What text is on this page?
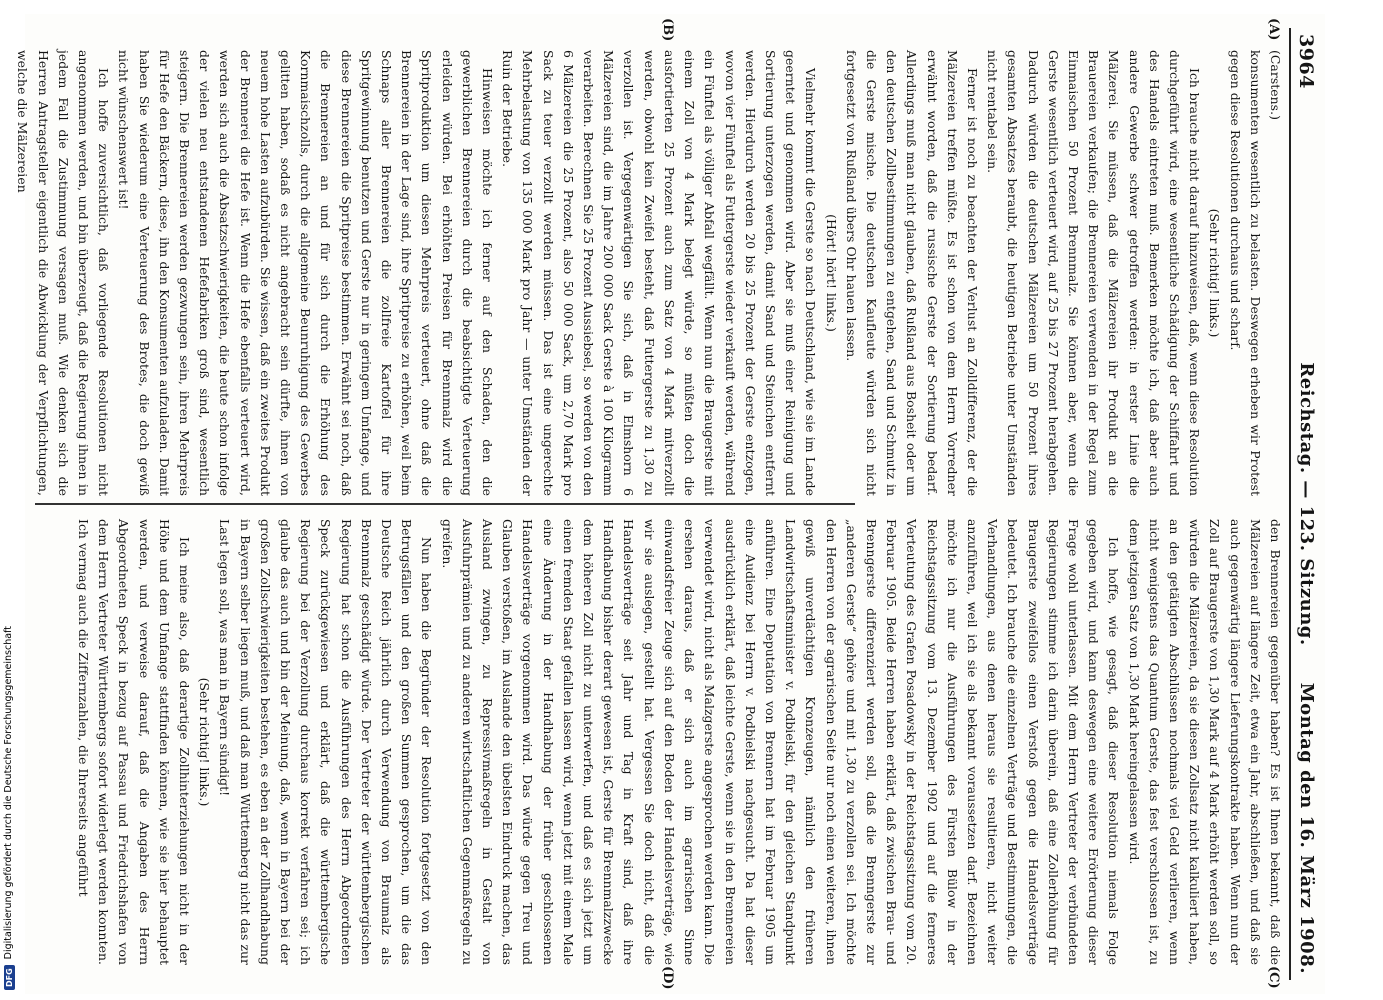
3964
Reichstag. — 123. Sitzung.
Montag den 16. März 1908.
(A)
(B)
(C)
(D)

(Carstens.)

konsumenten wesentlich zu belasten. Deswegen erheben wir Protest gegen diese Resolutionen durchaus und scharf.

(Sehr richtig! links.)

Ich brauche nicht darauf hinzuweisen, daß, wenn diese Resolution durchgeführt wird, eine wesentliche Schädigung der Schiffahrt und des Handels eintreten muß. Bemerken möchte ich, daß aber auch andere Gewerbe schwer getroffen werden: in erster Linie die Mälzerei. Sie müssen, daß die Mälzereien ihr Produkt an die Brauereien verkaufen; die Brennereien verwenden in der Regel zum Einmaischen 50 Prozent Brennmalz. Sie können aber, wenn die Gerste wesentlich verteuert wird, auf 25 bis 27 Prozent herabgehen. Dadurch würden die deutschen Mälzereien um 50 Prozent ihres gesamten Absatzes beraubt, die heutigen Betriebe unter Umständen nicht rentabel sein.

Ferner ist noch zu beachten der Verlust an Zolldifferenz, der die Mälzereien treffen müßte. Es ist schon von dem Herrn Vorredner erwähnt worden, daß die russische Gerste der Sortierung bedarf. Allerdings muß man nicht glauben, daß Rußland aus Bosheit oder um den deutschen Zollbestimmungen zu entgehen, Sand und Schmutz in die Gerste mische. Die deutschen Kaufleute würden sich nicht fortgesetzt von Rußland übers Ohr hauen lassen.

(Hört! hört! links.)

Vielmehr kommt die Gerste so nach Deutschland, wie sie im Lande geerntet und genommen wird. Aber sie muß einer Reinigung und Sortierung unterzogen werden, damit Sand und Steinchen entfernt werden. Hierdurch werden 20 bis 25 Prozent der Gerste entzogen, wovon vier Fünftel als Futtergerste wieder verkauft werden, während ein Fünftel als völliger Abfall wegfällt. Wenn nun die Braugerste mit einem Zoll von 4 Mark belegt würde, so müßten doch die ausfortierten 25 Prozent auch zum Satz von 4 Mark mitverzollt werden, obwohl kein Zweifel besteht, daß Futtergerste zu 1,30 zu verzollen ist. Vergegenwärtigen Sie sich, daß in Elmshorn 6 Mälzereien sind, die im Jahre 200 000 Sack Gerste à 100 Kilogramm verarbeiten. Berechnen Sie 25 Prozent Aussiebsel, so werden von den 6 Mälzereien die 25 Prozent, also 50 000 Sack, um 2,70 Mark pro Sack zu teuer verzollt werden müssen. Das ist eine ungerechte Mehrbelastung von 135 000 Mark pro Jahr — unter Umständen der Ruin der Betriebe.

Hinweisen möchte ich ferner auf den Schaden, den die gewerblichen Brennereien durch die beabsichtigte Verteuerung erleiden würden. Bei erhöhten Preisen für Brennmalz wird die Spritproduktion um diesen Mehrpreis verteuert, ohne daß die Brennereien in der Lage sind, ihre Spritpreise zu erhöhen, weil beim Schnaps aller Brennereien die zollfreie Kartoffel für ihre Spritgewinnung benutzen und Gerste nur in geringem Umfange, und diese Brennereien die Spritpreise bestimmen. Erwähnt sei noch, daß die Brennereien an und für sich durch die Erhöhung des Kornmaischzolls, durch die allgemeine Beunruhigung des Gewerbes gelitten haben, sodaß es nicht angebracht sein dürfte, ihnen von neuem hohe Lasten aufzubürden. Sie wissen, daß ein zweites Produkt der Brennerei die Hefe ist. Wenn die Hefe ebenfalls verteuert wird, werden sich auch die Absatzschwierigkeiten, die heute schon infolge der vielen neu entstandenen Hefefabriken groß sind, wesentlich steigern. Die Brennereien werden gezwungen sein, ihren Mehrpreis für Hefe den Bäckern, diese, ihn den Konsumenten aufzuladen. Damit haben Sie wiederum eine Verteuerung des Brotes, die doch gewiß nicht wünschenswert ist!

Ich hoffe zuversichtlich, daß vorliegende Resolutionen nicht angenommen werden, und bin überzeugt, daß die Regierung ihnen in jedem Fall die Zustimmung versagen muß. Wie denken sich die Herren Antragsteller eigentlich die Abwicklung der Verpflichtungen, welche die Mälzereien

den Brennereien gegenüber haben? Es ist Ihnen bekannt, daß die Mälzereien auf längere Zeit, etwa ein Jahr, abschließen, und daß sie auch gegenwärtig längere Lieferungskontrakte haben. Wenn nun der Zoll auf Braugerste von 1,30 Mark auf 4 Mark erhöht werden soll, so würden die Mälzereien, da sie diesen Zollsatz nicht kalkuliert haben, an den getätigten Abschlüssen nochmals viel Geld verlieren, wenn nicht wenigstens das Quantum Gerste, das fest verschlossen ist, zu dem jetzigen Satz von 1,30 Mark hereingelassen wird.

Ich hoffe, wie gesagt, daß dieser Resolution niemals Folge gegeben wird, und kann deswegen eine weitere Erörterung dieser Frage wohl unterlassen. Mit dem Herrn Vertreter der verbündeten Regierungen stimme ich darin überein, daß eine Zollerhöhung für Braugerste zweifellos einen Verstoß gegen die Handelsverträge bedeutet. Ich brauche die einzelnen Verträge und Bestimmungen, die Verhandlungen, aus denen heraus sie resultieren, nicht weiter anzuführen, weil ich sie als bekannt voraussetzen darf. Bezeichnen möchte ich nur die Ausführungen des Fürsten Bülow in der Reichstagssitzung vom 13. Dezember 1902 und auf die ferneres Verteutung des Grafen Posadowsky in der Reichstagssitzung vom 20. Februar 1905. Beide Herren haben erklärt, daß zwischen Brau- und Brenngerste differenziert werden soll, daß die Brenngerste zur „anderen Gerste“ gehöre und mit 1,30 zu verzollen sei. Ich möchte den Herren von der agrarischen Seite nur noch einen weiteren, ihnen gewiß unverdächtigen Kronzeugen, nämlich den früheren Landwirtschaftsminister v. Podbielski, für den gleichen Standpunkt anführen. Eine Deputation von Brennern hat im Februar 1905 um eine Audienz bei Herrn v. Podbielski nachgesucht. Da hat dieser ausdrücklich erklärt, daß leichte Gerste, wenn sie in den Brennereien verwendet wird, nicht als Malzgerste angesprochen werden kann. Die ersehen daraus, daß er sich auch im agrarischen Sinne einwandsfreier Zeuge sich auf den Boden der Handelsverträge, wie wir sie auslegen, gestellt hat. Vergessen Sie doch nicht, daß die Handelsverträge seit Jahr und Tag in Kraft sind, daß ihre Handhabung bisher derart gewesen ist, Gerste für Brennmalzzwecke dem höheren Zoll nicht zu unterwerfen, und daß es sich jetzt um einen fremden Staat gefallen lassen wird, wenn jetzt mit einem Male eine Änderung in der Handhabung der früher geschlossenen Handelsverträge vorgenommen wird. Das würde gegen Treu und Glauben verstoßen, im Auslande den übelsten Eindruck machen, das Ausland zwingen, zu Repressivmaßregeln in Gestalt von Ausfuhrprämien und zu anderen wirtschaftlichen Gegenmaßregeln zu greifen.

Nun haben die Begründer der Resolution fortgesetzt von den Betrugsfällen und den großen Summen gesprochen, um die das Deutsche Reich jährlich durch Verwendung von Braumalz als Brennmalz geschädigt würde. Der Vertreter der württembergischen Regierung hat schon die Ausführungen des Herrn Abgeordneten Speck zurückgewiesen und erklärt, daß die württembergische Regierung bei der Verzollung durchaus korrekt verfahren sei; ich glaube das auch und bin der Meinung, daß, wenn in Bayern bei der großen Zollschwierigkeiten bestehen, es eben an der Zollhandhabung in Bayern selber liegen muß, und daß man Württemberg nicht das zur Last legen soll, was man in Bayern sündigt!

(Sehr richtig! links.)

Ich meine also, daß derartige Zollhinterziehungen nicht in der Höhe und dem Umfange stattfinden können, wie sie hier behauptet werden, und verweise darauf, daß die Angaben des Herrn Abgeordneten Speck in bezug auf Passau und Friedrichshafen von dem Herrn Vertreter Württembergs sofort widerlegt werden konnten. Ich vermag auch die Ziffernzahlen, die Ihrerseits angeführt

DFG
Digitalisierung gefördert durch die Deutsche Forschungsgemeinschaft
